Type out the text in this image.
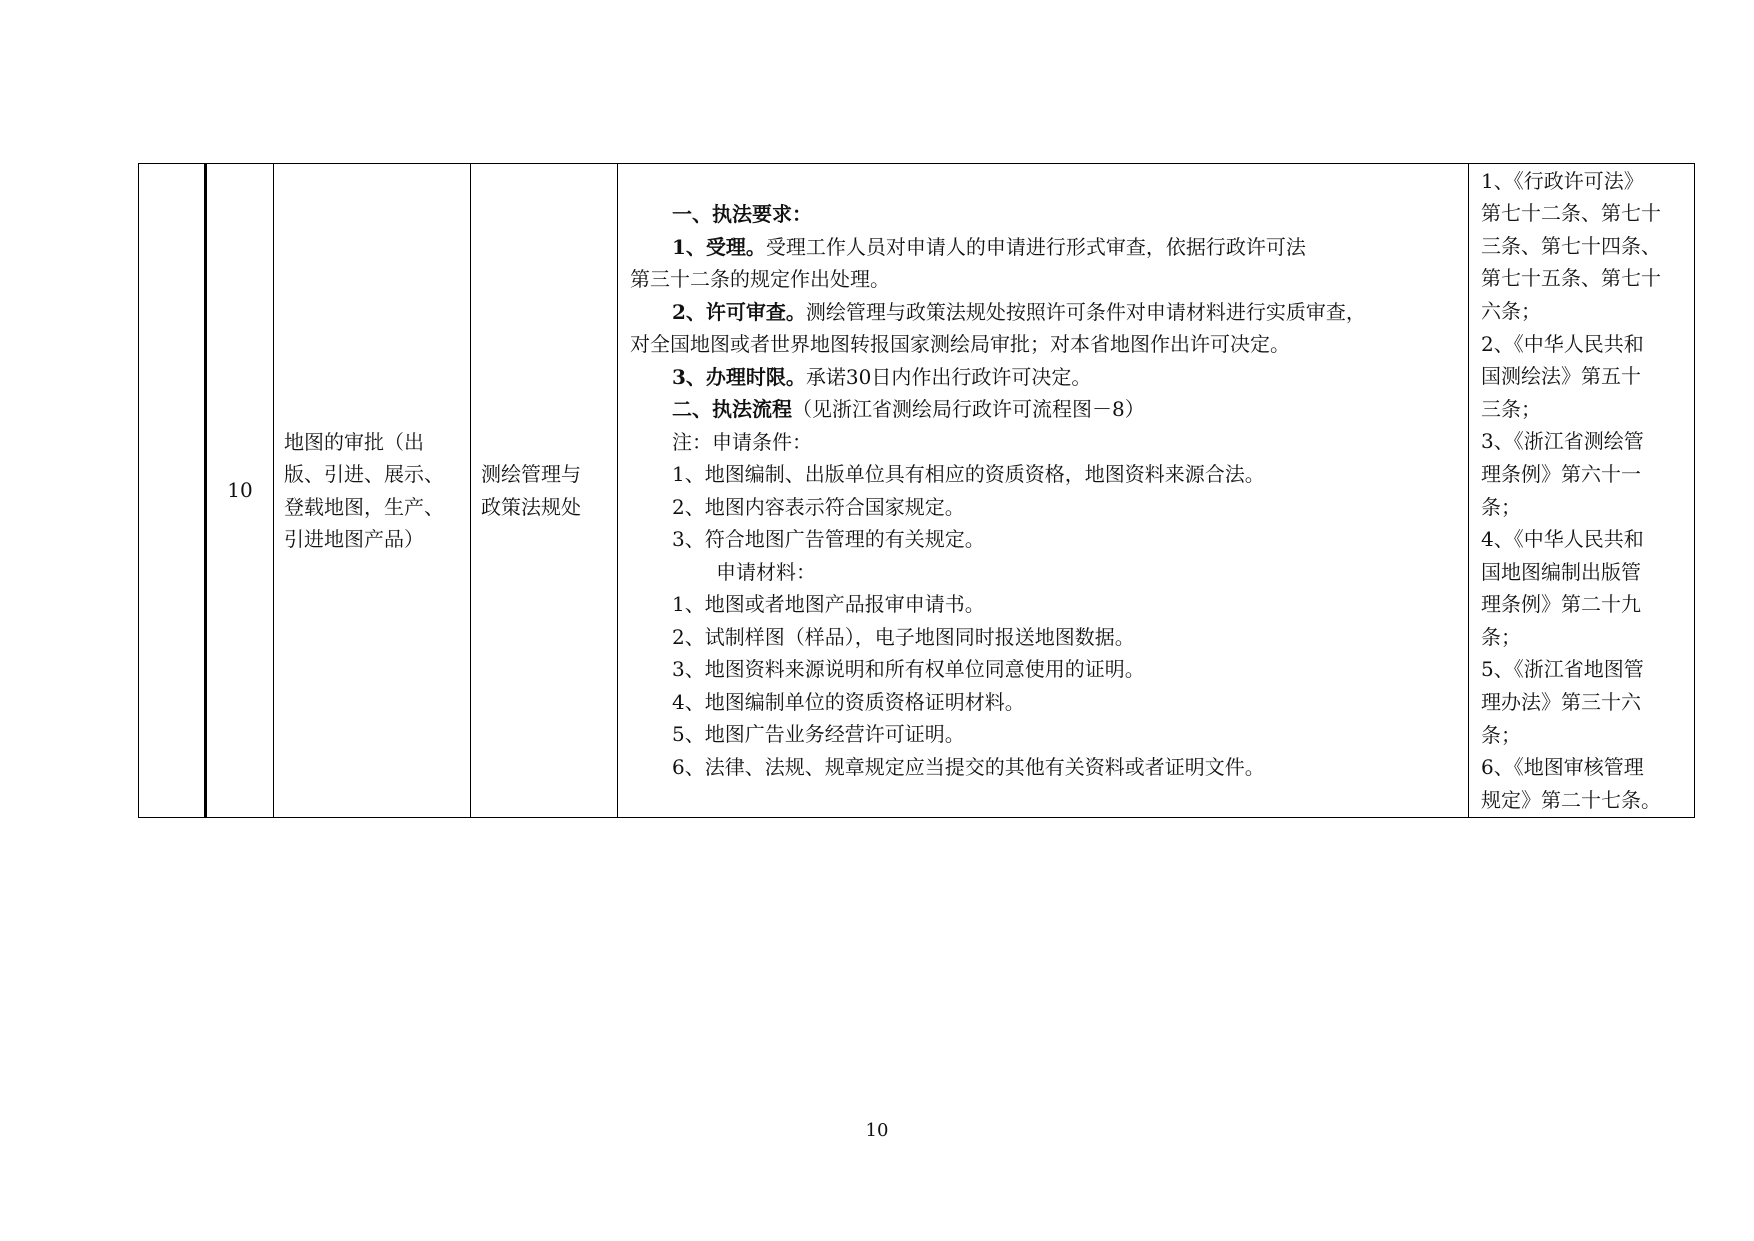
	10	
地图的审批（出
版、引进、展示、
登载地图，生产、
引进地图产品）

测绘管理与
政策法规处

一、执法要求：
1、受理。受理工作人员对申请人的申请进行形式审查，依据行政许可法
第三十二条的规定作出处理。
2、许可审查。测绘管理与政策法规处按照许可条件对申请材料进行实质审查，
对全国地图或者世界地图转报国家测绘局审批；对本省地图作出许可决定。
3、办理时限。承诺30日内作出行政许可决定。
二、执法流程（见浙江省测绘局行政许可流程图－8）
注：申请条件：
1、地图编制、出版单位具有相应的资质资格，地图资料来源合法。
2、地图内容表示符合国家规定。
3、符合地图广告管理的有关规定。
申请材料：
1、地图或者地图产品报审申请书。
2、试制样图（样品），电子地图同时报送地图数据。
3、地图资料来源说明和所有权单位同意使用的证明。
4、地图编制单位的资质资格证明材料。
5、地图广告业务经营许可证明。
6、法律、法规、规章规定应当提交的其他有关资料或者证明文件。

1、《行政许可法》
第七十二条、第七十
三条、第七十四条、
第七十五条、第七十
六条；
2、《中华人民共和
国测绘法》第五十
三条；
3、《浙江省测绘管
理条例》第六十一
条；
4、《中华人民共和
国地图编制出版管
理条例》第二十九
条；
5、《浙江省地图管
理办法》第三十六
条；
6、《地图审核管理
规定》第二十七条。
10
